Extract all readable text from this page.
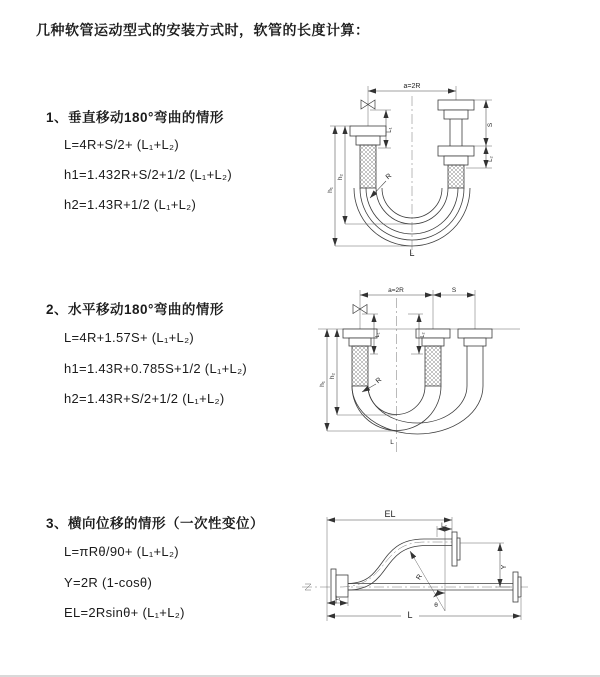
几种软管运动型式的安装方式时，软管的长度计算：
1、垂直移动180°弯曲的情形
L=4R+S/2+ (L₁+L₂)
h1=1.432R+S/2+1/2 (L₁+L₂)
h2=1.43R+1/2 (L₁+L₂)
2、水平移动180°弯曲的情形
L=4R+1.57S+ (L₁+L₂)
h1=1.43R+0.785S+1/2 (L₁+L₂)
h2=1.43R+S/2+1/2 (L₁+L₂)
3、横向位移的情形（一次性变位）
L=πRθ/90+ (L₁+L₂)
Y=2R (1-cosθ)
EL=2Rsinθ+ (L₁+L₂)
a=2R
h₁
h₂
L₁
S
L₂
R
L
a=2R	S
h₁
h₂
L₁	L₂
R
L
EL
L₂
R
θ
Y
L₁
L
